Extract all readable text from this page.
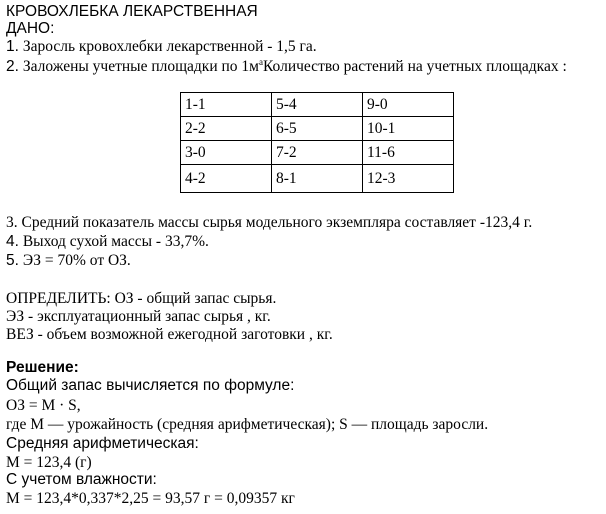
КРОВОХЛЕБКА ЛЕКАРСТВЕННАЯ
ДАНО:
1. Заросль кровохлебки лекарственной - 1,5 га.
2. Заложены учетные площадки по $1м^аКоличество$ растений на учетных площадках :
1-1	5-4	9-0
2-2	6-5	10-1
3-0	7-2	11-6
4-2	8-1	12-3
3. Средний показатель массы сырья модельного экземпляра составляет -123,4 г.
4. Выход сухой массы - 33,7%.
5. ЭЗ = 70% от ОЗ.
ОПРЕДЕЛИТЬ: ОЗ - общий запас сырья.
ЭЗ - эксплуатационный запас сырья , кг.
ВЕЗ - объем возможной ежегодной заготовки , кг.
Решение:
Общий запас вычисляется по формуле:
ОЗ = М · S,
где М — урожайность (средняя арифметическая); S — площадь заросли.
Средняя арифметическая:
М = 123,4 (г)
С учетом влажности:
М = 123,4*0,337*2,25 = 93,57 г = 0,09357 кг
